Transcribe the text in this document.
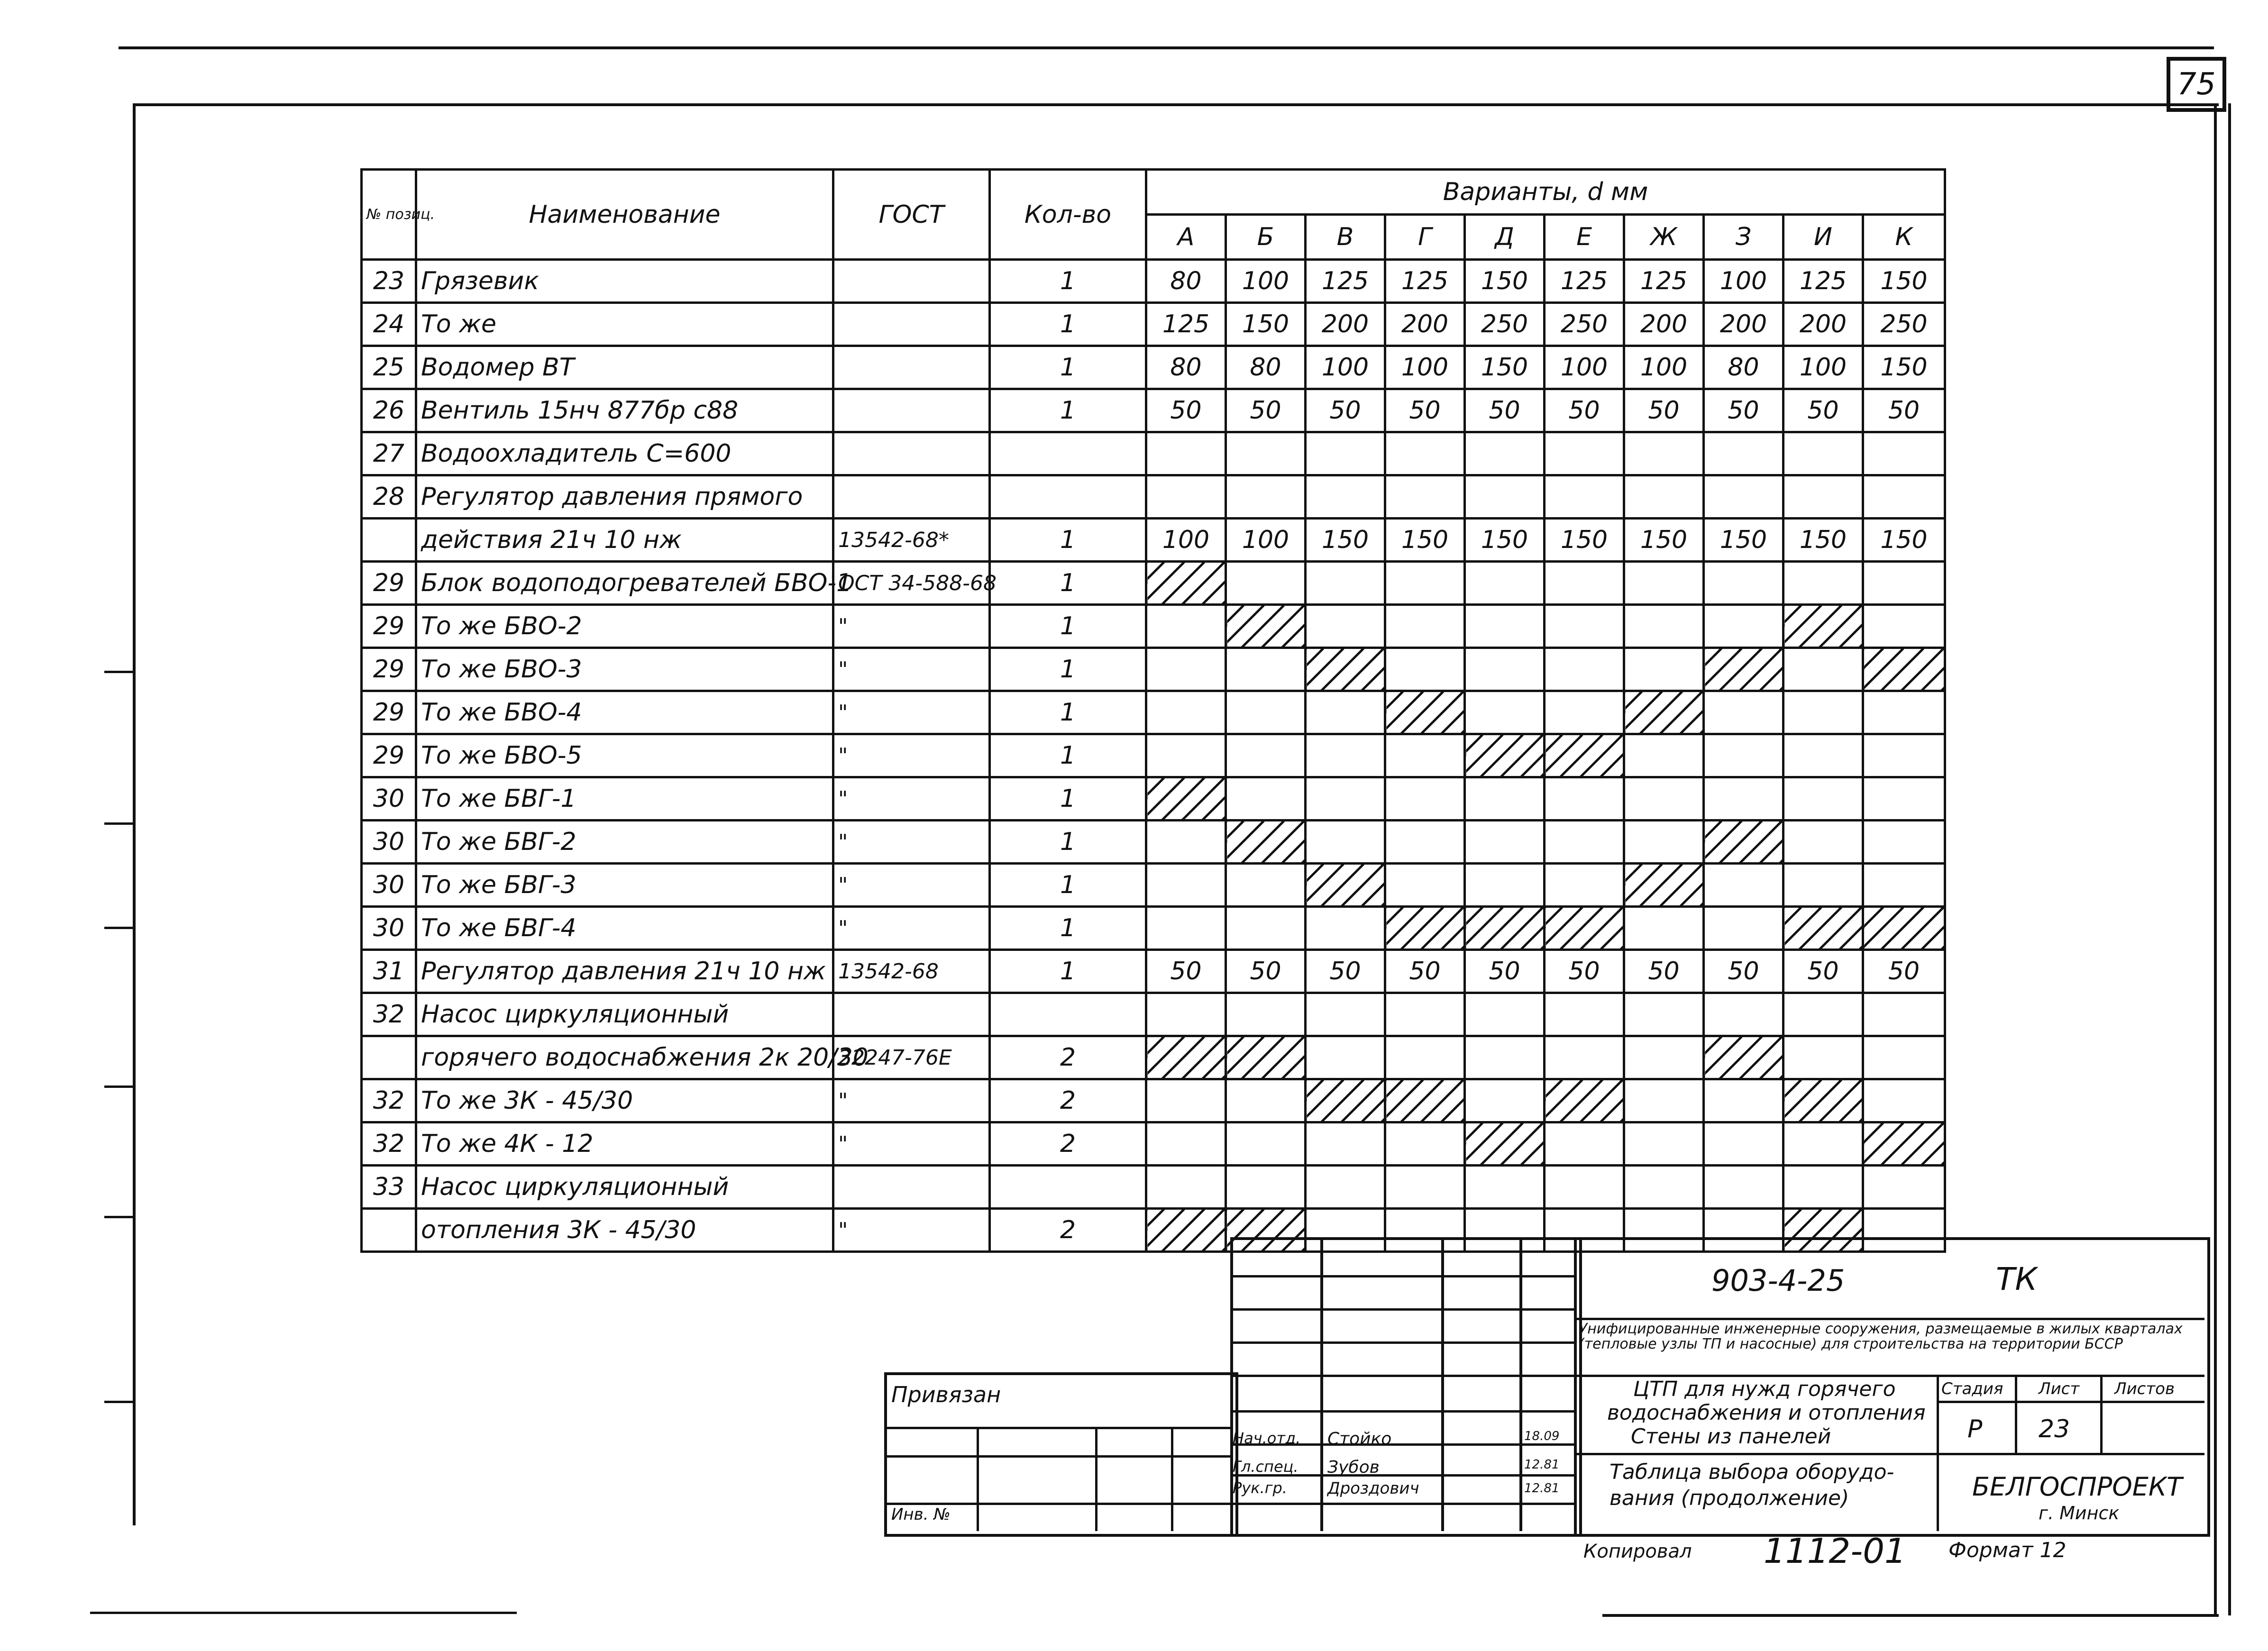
75
№ позиц.	Наименование	ГОСТ	Кол-во	Варианты, d мм									
				А	Б	В	Г	Д	Е	Ж	З	И	К
23	Грязевик		1	80	100	125	125	150	125	125	100	125	150
24	То же		1	125	150	200	200	250	250	200	200	200	250
25	Водомер ВТ		1	80	80	100	100	150	100	100	80	100	150
26	Вентиль 15нч 877бр с88		1	50	50	50	50	50	50	50	50	50	50
27	Водоохладитель С=600												
28	Регулятор давления прямого												
	действия 21ч 10 нж	13542-68*	1	100	100	150	150	150	150	150	150	150	150
29	Блок водоподогревателей БВО-1	ОСТ 34-588-68	1										
29	То же БВО-2	"	1										
29	То же БВО-3	"	1										
29	То же БВО-4	"	1										
29	То же БВО-5	"	1										
30	То же БВГ-1	"	1										
30	То же БВГ-2	"	1										
30	То же БВГ-3	"	1										
30	То же БВГ-4	"	1										
31	Регулятор давления 21ч 10 нж	13542-68	1	50	50	50	50	50	50	50	50	50	50
32	Насос циркуляционный												
	горячего водоснабжения 2к 20/30	22247-76Е	2										
32	То же 3К - 45/30	"	2										
32	То же 4К - 12	"	2										
33	Насос циркуляционный												
	отопления 3К - 45/30	"	2										
Привязан
Инв. №
903-4-25	ТК
Унифицированные инженерные сооружения, размещаемые в жилых кварталах (тепловые узлы ТП и насосные) для строительства на территории БССР
ЦТП для нужд горячего
водоснабжения и отопления
Стены из панелей
Стадия Лист Листов
Р 23
Таблица выбора оборудо-
вания (продолжение)	БЕЛГОСПРОЕКТ
г. Минск
Нач.отд. Стойко	18.09
Гл.спец. Зубов	12.81
Рук.гр. Дроздович	12.81
Копировал 1112-01 Формат 12
